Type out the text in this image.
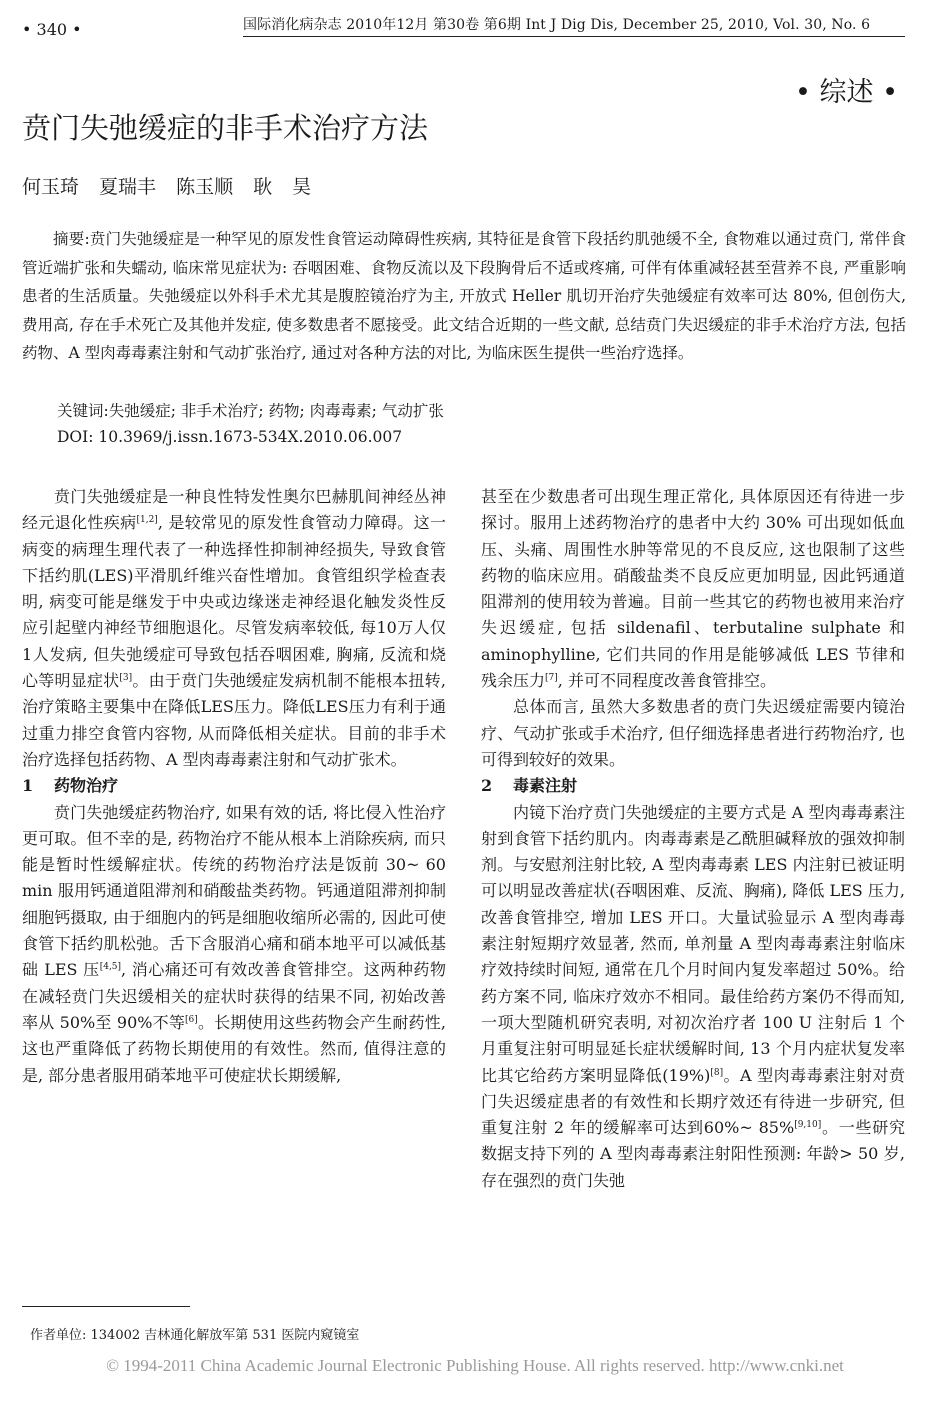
• 340 •	国际消化病杂志 2010年12月 第30卷 第6期 Int J Dig Dis, December 25, 2010, Vol. 30, No. 6
• 综述 •
贲门失弛缓症的非手术治疗方法
何玉琦 夏瑞丰 陈玉顺 耿 昊

摘要:贲门失弛缓症是一种罕见的原发性食管运动障碍性疾病, 其特征是食管下段括约肌弛缓不全, 食物难以通过贲门, 常伴食管近端扩张和失蠕动, 临床常见症状为: 吞咽困难、食物反流以及下段胸骨后不适或疼痛, 可伴有体重减轻甚至营养不良, 严重影响患者的生活质量。失弛缓症以外科手术尤其是腹腔镜治疗为主, 开放式 Heller 肌切开治疗失弛缓症有效率可达 80%, 但创伤大, 费用高, 存在手术死亡及其他并发症, 使多数患者不愿接受。此文结合近期的一些文献, 总结贲门失迟缓症的非手术治疗方法, 包括药物、A 型肉毒毒素注射和气动扩张治疗, 通过对各种方法的对比, 为临床医生提供一些治疗选择。

关键词:失弛缓症; 非手术治疗; 药物; 肉毒毒素; 气动扩张
DOI: 10.3969/j.issn.1673-534X.2010.06.007

贲门失弛缓症是一种良性特发性奥尔巴赫肌间神经丛神经元退化性疾病[1,2], 是较常见的原发性食管动力障碍。这一病变的病理生理代表了一种选择性抑制神经损失, 导致食管下括约肌(LES)平滑肌纤维兴奋性增加。食管组织学检查表明, 病变可能是继发于中央或边缘迷走神经退化触发炎性反应引起壁内神经节细胞退化。尽管发病率较低, 每10万人仅1人发病, 但失弛缓症可导致包括吞咽困难, 胸痛, 反流和烧心等明显症状[3]。由于贲门失弛缓症发病机制不能根本扭转, 治疗策略主要集中在降低LES压力。降低LES压力有利于通过重力排空食管内容物, 从而降低相关症状。目前的非手术治疗选择包括药物、A 型肉毒毒素注射和气动扩张术。

1 药物治疗

贲门失弛缓症药物治疗, 如果有效的话, 将比侵入性治疗更可取。但不幸的是, 药物治疗不能从根本上消除疾病, 而只能是暂时性缓解症状。传统的药物治疗法是饭前 30~ 60 min 服用钙通道阻滞剂和硝酸盐类药物。钙通道阻滞剂抑制细胞钙摄取, 由于细胞内的钙是细胞收缩所必需的, 因此可使食管下括约肌松弛。舌下含服消心痛和硝本地平可以减低基础 LES 压[4,5], 消心痛还可有效改善食管排空。这两种药物在减轻贲门失迟缓相关的症状时获得的结果不同, 初始改善率从 50%至 90%不等[6]。长期使用这些药物会产生耐药性, 这也严重降低了药物长期使用的有效性。然而, 值得注意的是, 部分患者服用硝苯地平可使症状长期缓解,

甚至在少数患者可出现生理正常化, 具体原因还有待进一步探讨。服用上述药物治疗的患者中大约 30% 可出现如低血压、头痛、周围性水肿等常见的不良反应, 这也限制了这些药物的临床应用。硝酸盐类不良反应更加明显, 因此钙通道阻滞剂的使用较为普遍。目前一些其它的药物也被用来治疗失迟缓症, 包括 sildenafil、terbutaline sulphate 和 aminophylline, 它们共同的作用是能够减低 LES 节律和残余压力[7], 并可不同程度改善食管排空。

总体而言, 虽然大多数患者的贲门失迟缓症需要内镜治疗、气动扩张或手术治疗, 但仔细选择患者进行药物治疗, 也可得到较好的效果。

2 毒素注射

内镜下治疗贲门失弛缓症的主要方式是 A 型肉毒毒素注射到食管下括约肌内。肉毒毒素是乙酰胆碱释放的强效抑制剂。与安慰剂注射比较, A 型肉毒毒素 LES 内注射已被证明可以明显改善症状(吞咽困难、反流、胸痛), 降低 LES 压力, 改善食管排空, 增加 LES 开口。大量试验显示 A 型肉毒毒素注射短期疗效显著, 然而, 单剂量 A 型肉毒毒素注射临床疗效持续时间短, 通常在几个月时间内复发率超过 50%。给药方案不同, 临床疗效亦不相同。最佳给药方案仍不得而知, 一项大型随机研究表明, 对初次治疗者 100 U 注射后 1 个月重复注射可明显延长症状缓解时间, 13 个月内症状复发率比其它给药方案明显降低(19%)[8]。A 型肉毒毒素注射对贲门失迟缓症患者的有效性和长期疗效还有待进一步研究, 但重复注射 2 年的缓解率可达到60%~ 85%[9,10]。一些研究数据支持下列的 A 型肉毒毒素注射阳性预测: 年龄> 50 岁, 存在强烈的贲门失弛

作者单位: 134002 吉林通化解放军第 531 医院内窥镜室
© 1994-2011 China Academic Journal Electronic Publishing House. All rights reserved. http://www.cnki.net
